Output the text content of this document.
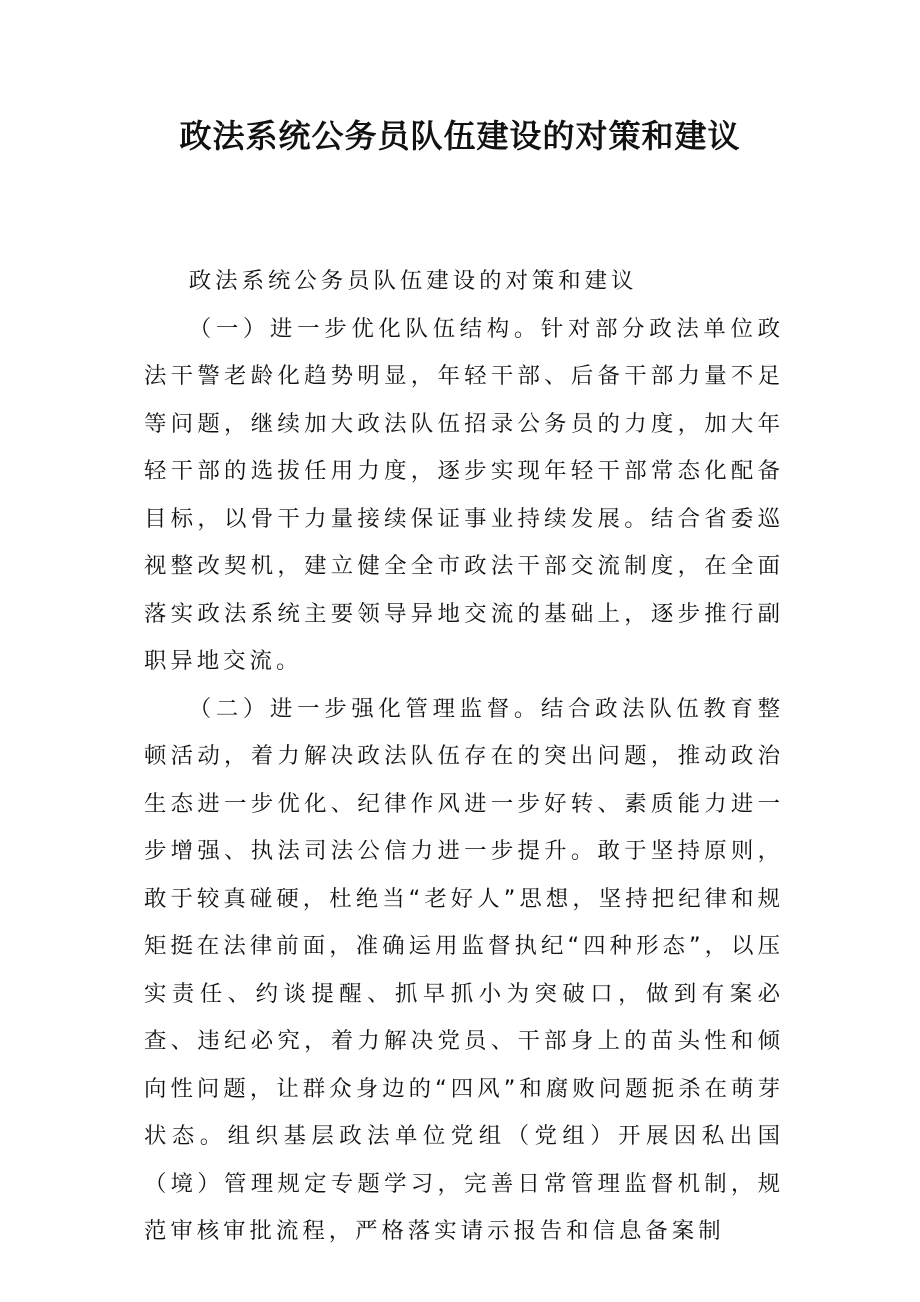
政法系统公务员队伍建设的对策和建议

政法系统公务员队伍建设的对策和建议

（一）进一步优化队伍结构。针对部分政法单位政法干警老龄化趋势明显，年轻干部、后备干部力量不足等问题，继续加大政法队伍招录公务员的力度，加大年轻干部的选拔任用力度，逐步实现年轻干部常态化配备目标，以骨干力量接续保证事业持续发展。结合省委巡视整改契机，建立健全全市政法干部交流制度，在全面落实政法系统主要领导异地交流的基础上，逐步推行副职异地交流。

（二）进一步强化管理监督。结合政法队伍教育整顿活动，着力解决政法队伍存在的突出问题，推动政治生态进一步优化、纪律作风进一步好转、素质能力进一步增强、执法司法公信力进一步提升。敢于坚持原则，敢于较真碰硬，杜绝当“老好人”思想，坚持把纪律和规矩挺在法律前面，准确运用监督执纪“四种形态”，以压实责任、约谈提醒、抓早抓小为突破口，做到有案必查、违纪必究，着力解决党员、干部身上的苗头性和倾向性问题，让群众身边的“四风”和腐败问题扼杀在萌芽状态。组织基层政法单位党组（党组）开展因私出国（境）管理规定专题学习，完善日常管理监督机制，规范审核审批流程，严格落实请示报告和信息备案制
